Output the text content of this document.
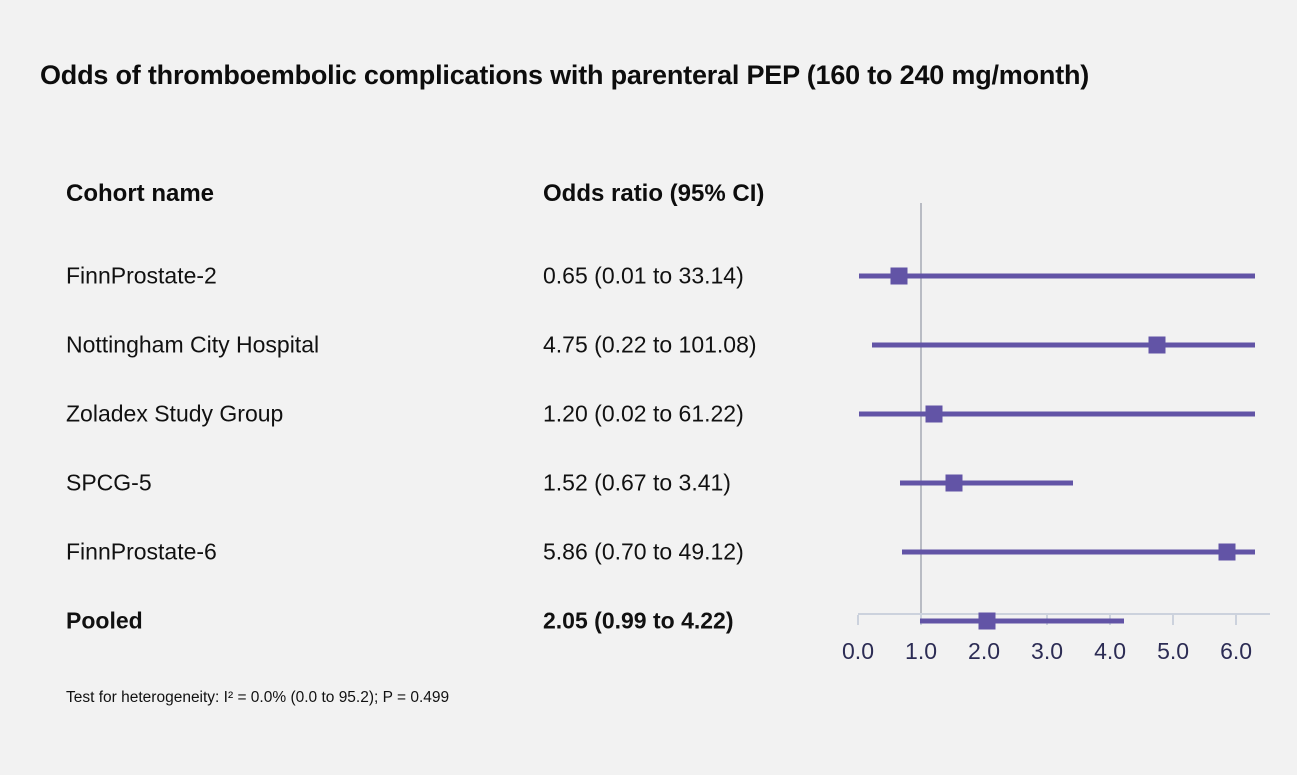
Odds of thromboembolic complications with parenteral PEP (160 to 240 mg/month)
Cohort name	Odds ratio (95% CI)
FinnProstate-2	0.65 (0.01 to 33.14)
Nottingham City Hospital	4.75 (0.22 to 101.08)
Zoladex Study Group	1.20 (0.02 to 61.22)
SPCG-5	1.52 (0.67 to 3.41)
FinnProstate-6	5.86 (0.70 to 49.12)
Pooled	2.05 (0.99 to 4.22)
Test for heterogeneity: I² = 0.0% (0.0 to 95.2); P = 0.499
0.0 1.0 2.0 3.0 4.0 5.0 6.0
